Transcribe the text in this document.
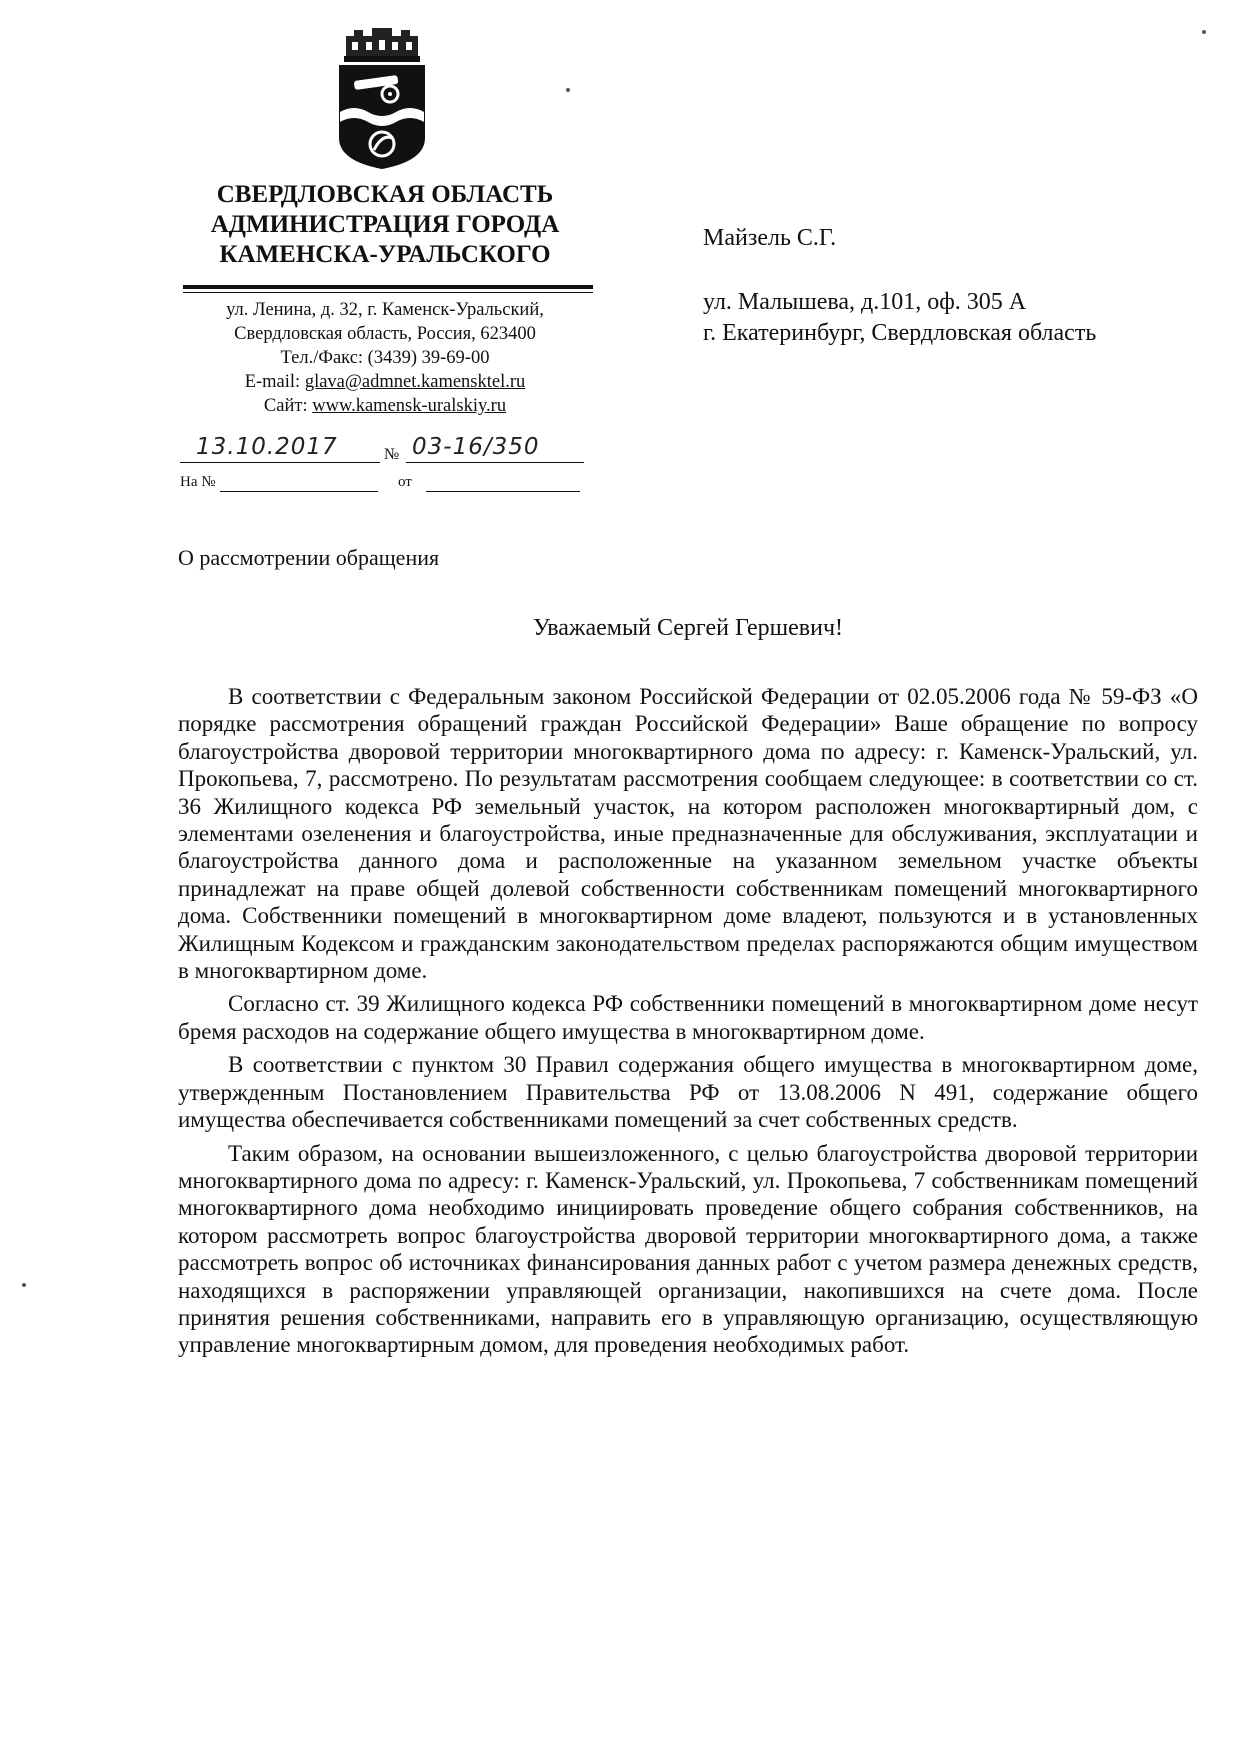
СВЕРДЛОВСКАЯ ОБЛАСТЬ
АДМИНИСТРАЦИЯ ГОРОДА
КАМЕНСКА-УРАЛЬСКОГО
ул. Ленина, д. 32, г. Каменск-Уральский,
Свердловская область, Россия, 623400
Тел./Факс: (3439) 39-69-00
E-mail: glava@admnet.kamensktel.ru
Сайт: www.kamensk-uralskiy.ru
13.10.2017	№ 03-16/350
На №	от
Майзель С.Г.
ул. Малышева, д.101, оф. 305 А
г. Екатеринбург, Свердловская область
О рассмотрении обращения
Уважаемый Сергей Гершевич!

В соответствии с Федеральным законом Российской Федерации от 02.05.2006 года № 59-ФЗ «О порядке рассмотрения обращений граждан Российской Федерации» Ваше обращение по вопросу благоустройства дворовой территории многоквартирного дома по адресу: г. Каменск-Уральский, ул. Прокопьева, 7, рассмотрено. По результатам рассмотрения сообщаем следующее: в соответствии со ст. 36 Жилищного кодекса РФ земельный участок, на котором расположен многоквартирный дом, с элементами озеленения и благоустройства, иные предназначенные для обслуживания, эксплуатации и благоустройства данного дома и расположенные на указанном земельном участке объекты принадлежат на праве общей долевой собственности собственникам помещений многоквартирного дома. Собственники помещений в многоквартирном доме владеют, пользуются и в установленных Жилищным Кодексом и гражданским законодательством пределах распоряжаются общим имуществом в многоквартирном доме.

Согласно ст. 39 Жилищного кодекса РФ собственники помещений в многоквартирном доме несут бремя расходов на содержание общего имущества в многоквартирном доме.

В соответствии с пунктом 30 Правил содержания общего имущества в многоквартирном доме, утвержденным Постановлением Правительства РФ от 13.08.2006 N 491, содержание общего имущества обеспечивается собственниками помещений за счет собственных средств.

Таким образом, на основании вышеизложенного, с целью благоустройства дворовой территории многоквартирного дома по адресу: г. Каменск-Уральский, ул. Прокопьева, 7 собственникам помещений многоквартирного дома необходимо инициировать проведение общего собрания собственников, на котором рассмотреть вопрос благоустройства дворовой территории многоквартирного дома, а также рассмотреть вопрос об источниках финансирования данных работ с учетом размера денежных средств, находящихся в распоряжении управляющей организации, накопившихся на счете дома. После принятия решения собственниками, направить его в управляющую организацию, осуществляющую управление многоквартирным домом, для проведения необходимых работ.
